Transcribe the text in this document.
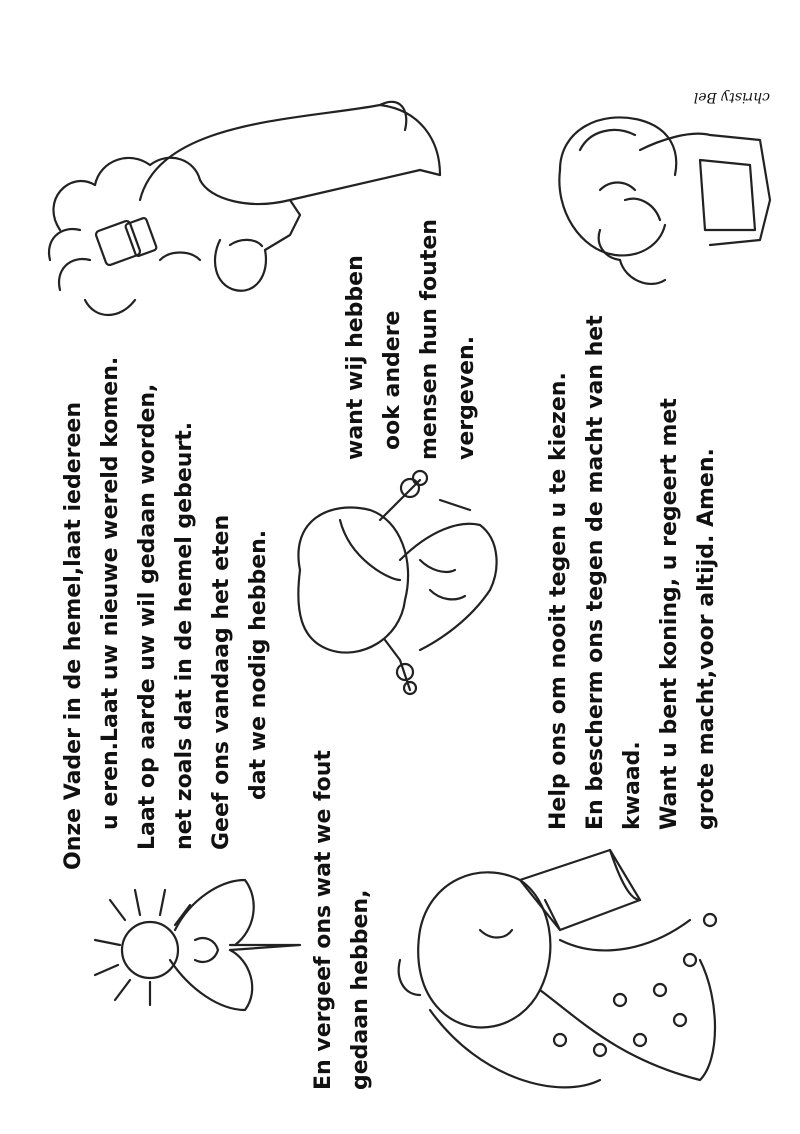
Onze Vader in de hemel,laat iedereen u eren.Laat uw nieuwe wereld komen. Laat op aarde uw wil gedaan worden, net zoals dat in de hemel gebeurt. Geef ons vandaag het eten dat we nodig hebben.
En vergeef ons wat we fout gedaan hebben,
want wij hebben ook andere mensen hun fouten vergeven.	Help ons om nooit tegen u te kiezen. En bescherm ons tegen de macht van het kwaad. Want u bent koning, u regeert met grote macht,voor altijd. Amen.
christy Bel
